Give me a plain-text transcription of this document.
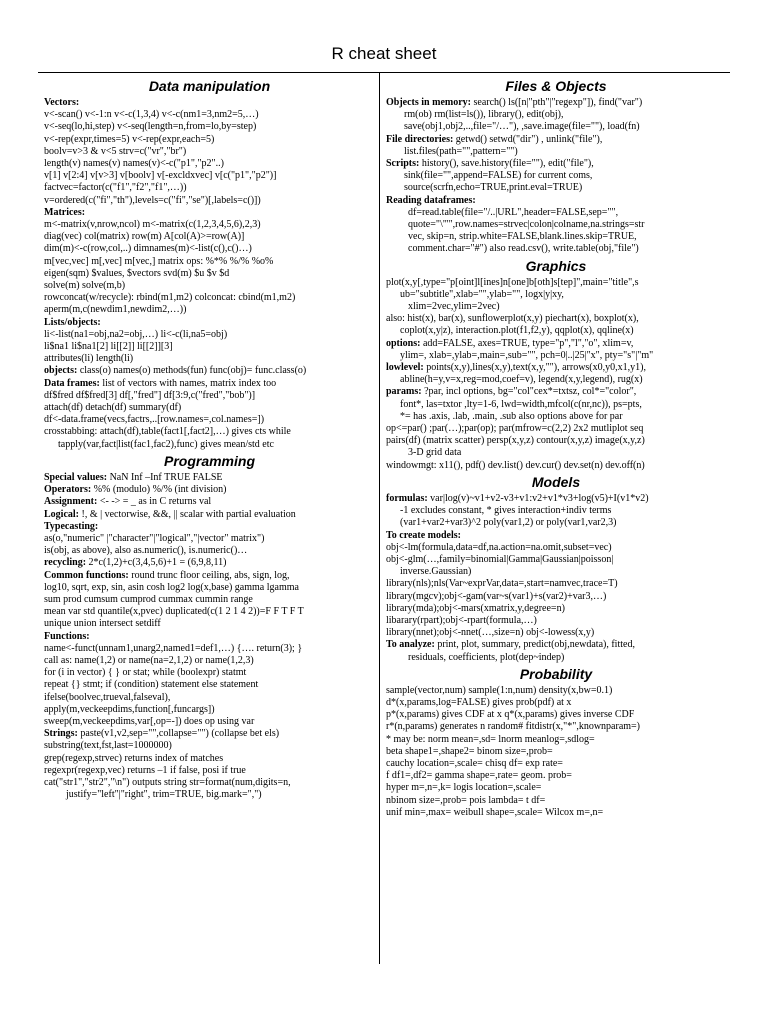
R cheat sheet
Data manipulation
Vectors:
v<-scan() v<-1:n v<-c(1,3,4) v<-c(nm1=3,nm2=5,…)
v<-seq(lo,hi,step) v<-seq(length=n,from=lo,by=step)
v<-rep(expr,times=5) v<-rep(expr,each=5)
boolv=v>3 & v<5 strv=c("vr","br")
length(v) names(v) names(v)<-c("p1","p2"..)
v[1] v[2:4] v[v>3] v[boolv] v[-excldxvec] v[c("p1","p2")]
factvec=factor(c("f1","f2","f1",…))
v=ordered(c("fi","th"),levels=c("fi","se")[,labels=c()])
Matrices:
m<-matrix(v,nrow,ncol) m<-matrix(c(1,2,3,4,5,6),2,3)
diag(vec) col(matrix) row(m) A[col(A)>=row(A)]
dim(m)<-c(row,col,..) dimnames(m)<-list(c(),c()…)
m[vec,vec] m[,vec] m[vec,] matrix ops: %*% %/% %o%
eigen(sqm) $values, $vectors svd(m) $u $v $d
solve(m) solve(m,b)
rowconcat(w/recycle): rbind(m1,m2) colconcat: cbind(m1,m2)
aperm(m,c(newdim1,newdim2,…))
Lists/objects:
li<-list(na1=obj,na2=obj,…) li<-c(li,na5=obj)
li$na1 li$na1[2] li[[2]] li[[2]][3]
attributes(li) length(li)
objects: class(o) names(o) methods(fun) func(obj)= func.class(o)
Data frames: list of vectors with names, matrix index too
df$fred df$fred[3] df[,"fred"] df[3:9,c("fred","bob")]
attach(df) detach(df) summary(df)
df<-data.frame(vecs,factrs,..[row.names=,col.names=])
crosstabbing: attach(df),table(fact1[,fact2],…) gives cts while
tapply(var,fact|list(fac1,fac2),func) gives mean/std etc
Programming
Special values: NaN Inf –Inf TRUE FALSE
Operators: %% (modulo) %/% (int division)
Assignment: <- -> = _ as in C returns val
Logical: !, & | vectorwise, &&, || scalar with partial evaluation
Typecasting:
as(o,"numeric" |"character"|"logical","|vector" matrix")
is(obj, as above), also as.numeric(), is.numeric()…
recycling: 2*c(1,2)+c(3,4,5,6)+1 = (6,9,8,11)
Common functions: round trunc floor ceiling, abs, sign, log,
log10, sqrt, exp, sin, asin cosh log2 log(x,base) gamma lgamma
sum prod cumsum cumprod cummax cummin range
mean var std quantile(x,pvec) duplicated(c(1 2 1 4 2))=F F T F T
unique union intersect setdiff
Functions:
name<-funct(unnam1,unarg2,named1=def1,…) {…. return(3); }
call as: name(1,2) or name(na=2,1,2) or name(1,2,3)
for (i in vector) { } or stat; while (boolexpr) statmt
repeat {} stmt; if (condition) statement else statement
ifelse(boolvec,trueval,falseval),
apply(m,veckeepdims,function[,funcargs])
sweep(m,veckeepdims,var[,op=-]) does op using var
Strings: paste(v1,v2,sep="",collapse="") (collapse bet els)
substring(text,fst,last=1000000)
grep(regexp,strvec) returns index of matches
regexpr(regexp,vec) returns –1 if false, posi if true
cat("str1","str2","\n") outputs string str=format(num,digits=n,
justify="left"|"right", trim=TRUE, big.mark=",")
Files & Objects
Objects in memory: search() ls([n|"pth"|"regexp"]), find("var")
rm(ob) rm(list=ls()), library(), edit(obj),
save(obj1,obj2,..,file="/…"), ,save.image(file=""), load(fn)
File directories: getwd() setwd("dir") , unlink("file"),
list.files(path="",pattern="")
Scripts: history(), save.history(file=""), edit("file"),
sink(file="",append=FALSE) for current coms,
source(scrfn,echo=TRUE,print.eval=TRUE)
Reading dataframes:
df=read.table(file="/..|URL",header=FALSE,sep="",
quote="\"'",row.names=strvec|colon|colname,na.strings=str
vec, skip=n, strip.white=FALSE,blank.lines.skip=TRUE,
comment.char="#") also read.csv(), write.table(obj,"file")
Graphics
plot(x,y[,type="p[oint]l[ines]n[one]b[oth]s[tep]",main="title",s
ub="subtitle",xlab="",ylab="", logx|y|xy,
xlim=2vec,ylim=2vec)
also: hist(x), bar(x), sunflowerplot(x,y) piechart(x), boxplot(x),
coplot(x,y|z), interaction.plot(f1,f2,y), qqplot(x), qqline(x)
options: add=FALSE, axes=TRUE, type="p","l","o", xlim=v,
ylim=, xlab=,ylab=,main=,sub="", pch=0|..|25|"x", pty="s"|"m"
lowlevel: points(x,y),lines(x,y),text(x,y,""), arrows(x0,y0,x1,y1),
abline(h=y,v=x,reg=mod,coef=v), legend(x,y,legend), rug(x)
params: ?par, incl options, bg="col"cex*=txtsz, col*="color",
font*, las=txtor ,lty=1-6, lwd=width,mfcol(c(nr,nc)), ps=pts,
*= has .axis, .lab, .main, .sub also options above for par
op<=par() ;par(…);par(op); par(mfrow=c(2,2) 2x2 mutliplot seq
pairs(df) (matrix scatter) persp(x,y,z) contour(x,y,z) image(x,y,z)
3-D grid data
windowmgt: x11(), pdf() dev.list() dev.cur() dev.set(n) dev.off(n)
Models
formulas: var|log(v)~v1+v2-v3+v1:v2+v1*v3+log(v5)+I(v1*v2)
-1 excludes constant, * gives interaction+indiv terms
(var1+var2+var3)^2 poly(var1,2) or poly(var1,var2,3)
To create models:
obj<-lm(formula,data=df,na.action=na.omit,subset=vec)
obj<-glm(…,family=binomial|Gamma|Gaussian|poisson|
inverse.Gaussian)
library(nls);nls(Var~exprVar,data=,start=namvec,trace=T)
library(mgcv);obj<-gam(var~s(var1)+s(var2)+var3,…)
library(mda);obj<-mars(xmatrix,y,degree=n)
libarary(rpart);obj<-rpart(formula,…)
library(nnet);obj<-nnet(…,size=n) obj<-lowess(x,y)
To analyze: print, plot, summary, predict(obj,newdata), fitted,
residuals, coefficients, plot(dep~indep)
Probability
sample(vector,num) sample(1:n,num) density(x,bw=0.1)
d*(x,params,log=FALSE) gives prob(pdf) at x
p*(x,params) gives CDF at x q*(x,params) gives inverse CDF
r*(n,params) generates n random# fitdistr(x,"*",knownparam=)
* may be: norm mean=,sd= lnorm meanlog=,sdlog=
beta shape1=,shape2= binom size=,prob=
cauchy location=,scale= chisq df= exp rate=
f df1=,df2= gamma shape=,rate= geom. prob=
hyper m=,n=,k= logis location=,scale=
nbinom size=,prob= pois lambda= t df=
unif min=,max= weibull shape=,scale= Wilcox m=,n=
